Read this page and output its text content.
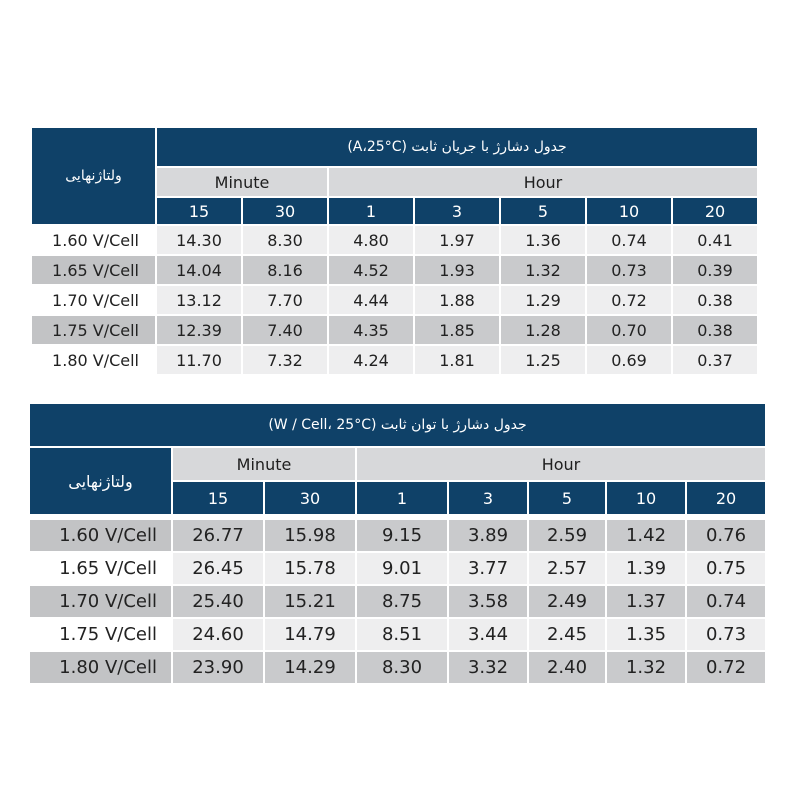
ولتاژنهایی	جدول دشارژ با جریان ثابت (A،25°C)						
	Minute		Hour				
	15	30	1	3	5	10	20
1.60 V/Cell	14.30	8.30	4.80	1.97	1.36	0.74	0.41
1.65 V/Cell	14.04	8.16	4.52	1.93	1.32	0.73	0.39
1.70 V/Cell	13.12	7.70	4.44	1.88	1.29	0.72	0.38
1.75 V/Cell	12.39	7.40	4.35	1.85	1.28	0.70	0.38
1.80 V/Cell	11.70	7.32	4.24	1.81	1.25	0.69	0.37
جدول دشارژ با توان ثابت (W / Cell، 25°C)							
ولتاژنهایی	Minute		Hour				
	15	30	1	3	5	10	20

1.60 V/Cell	26.77	15.98	9.15	3.89	2.59	1.42	0.76
1.65 V/Cell	26.45	15.78	9.01	3.77	2.57	1.39	0.75
1.70 V/Cell	25.40	15.21	8.75	3.58	2.49	1.37	0.74
1.75 V/Cell	24.60	14.79	8.51	3.44	2.45	1.35	0.73
1.80 V/Cell	23.90	14.29	8.30	3.32	2.40	1.32	0.72
